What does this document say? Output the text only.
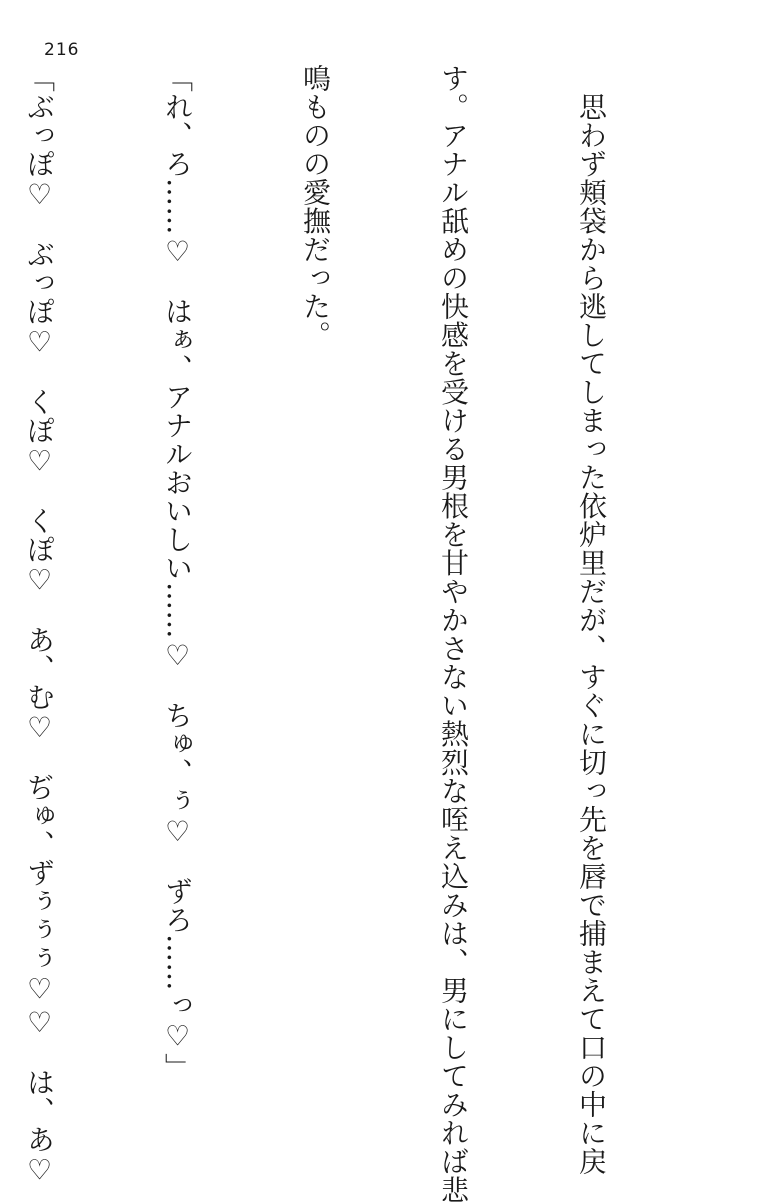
216

　思わず頬袋から逃してしまった依炉里だが、すぐに切っ先を唇で捕まえて口の中に戻

す。アナル舐めの快感を受ける男根を甘やかさない熱烈な咥え込みは、男にしてみれば悲

鳴ものの愛撫だった。

「れ、ろ……♡　はぁ、アナルおいしい……♡　ちゅ、ぅ♡　ずろ……っ♡」

「ぶっぽ♡　ぶっぽ♡　くぽ♡　くぽ♡　あ、む♡　ぢゅ、ずぅぅぅ♡♡　は、あ♡
